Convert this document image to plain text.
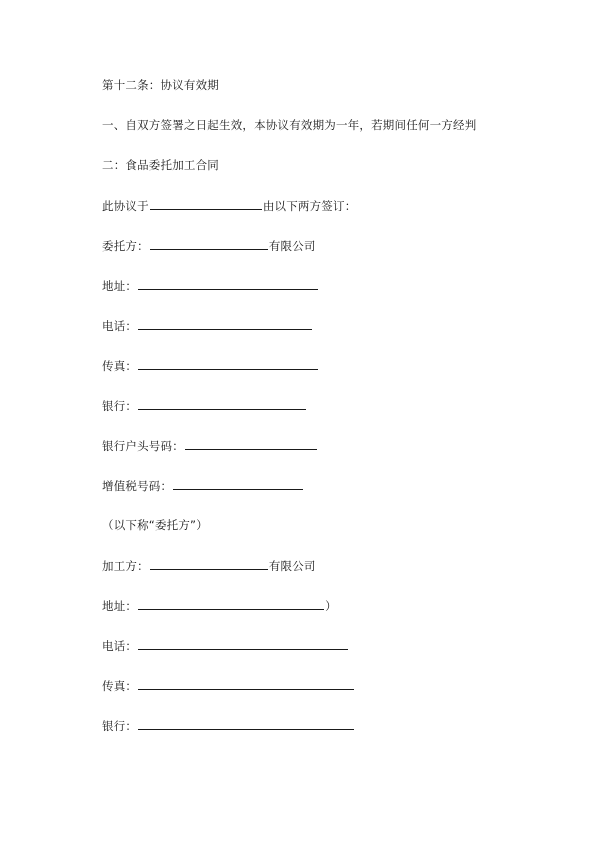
第十二条：协议有效期
一、自双方签署之日起生效，本协议有效期为一年，若期间任何一方经判
二：食品委托加工合同
此协议于	由以下两方签订：
委托方：	有限公司
地址：
电话：
传真：
银行：
银行户头号码：
增值税号码：
（以下称“委托方”）
加工方：	有限公司
地址：	）
电话：
传真：
银行：
